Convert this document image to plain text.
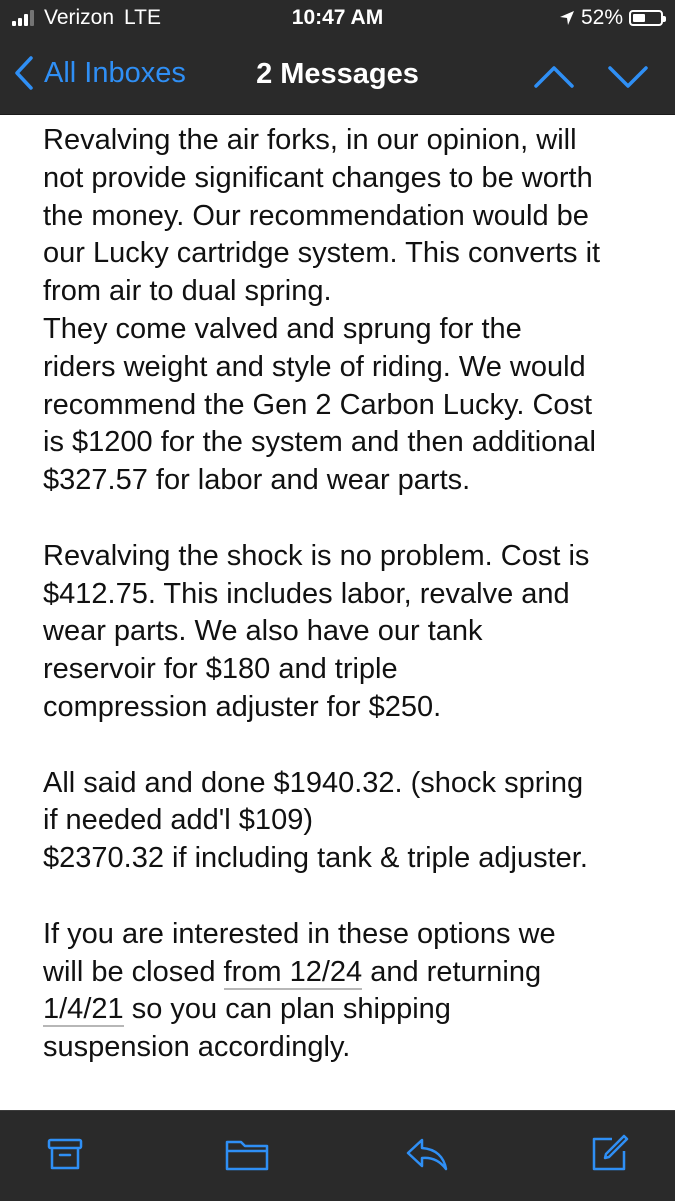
Verizon LTE	10:47 AM	52%
All Inboxes	2 Messages

Revalving the air forks, in our opinion, will
not provide significant changes to be worth
the money. Our recommendation would be
our Lucky cartridge system. This converts it
from air to dual spring.
They come valved and sprung for the
riders weight and style of riding. We would
recommend the Gen 2 Carbon Lucky. Cost
is $1200 for the system and then additional
$327.57 for labor and wear parts.

Revalving the shock is no problem. Cost is
$412.75. This includes labor, revalve and
wear parts. We also have our tank
reservoir for $180 and triple
compression adjuster for $250.

All said and done $1940.32. (shock spring
if needed add'l $109)
$2370.32 if including tank & triple adjuster.

If you are interested in these options we
will be closed from 12/24 and returning
1/4/21 so you can plan shipping
suspension accordingly.
